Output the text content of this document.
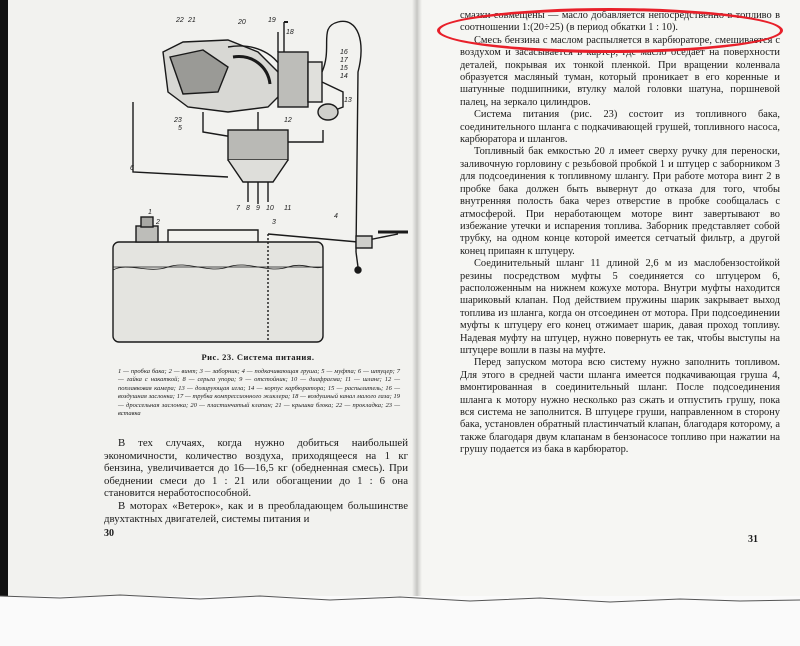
22 21	20	19
18
16
17
15
14
13
12
23
5
6
7 8 9 10 11
4
3
2
1
Рис. 23. Система питания.
1 — пробка бака; 2 — винт; 3 — заборник; 4 — подкачивающая груша; 5 — муфта; 6 — штуцер; 7 — гайка с накаткой; 8 — серьга упора; 9 — отстойник; 10 — диафрагма; 11 — шланг; 12 — поплавковая камера; 13 — дозирующая игла; 14 — корпус карбюратора; 15 — распылитель; 16 — воздушная заслонка; 17 — трубка компрессионного жиклера; 18 — воздушный канал малого газа; 19 — дроссельная заслонка; 20 — пластинчатый клапан; 21 — крышка блока; 22 — прокладка; 23 — вставка

В тех случаях, когда нужно добиться наибольшей экономичности, количество воздуха, приходящееся на 1 кг бензина, увеличивается до 16—16,5 кг (обедненная смесь). При обеднении смеси до 1 : 21 или обогащении до 1 : 6 она становится неработоспособной.

В моторах «Ветерок», как и в преобладающем большинстве двухтактных двигателей, системы питания и

30

смазки совмещены — масло добавляется непосредственно в топливо в соотношении 1:(20÷25) (в период обкатки 1 : 10).

Смесь бензина с маслом распыляется в карбюраторе, смешивается с воздухом и засасывается в картер, где масло оседает на поверхности деталей, покрывая их тонкой пленкой. При вращении коленвала образуется масляный туман, который проникает в его коренные и шатунные подшипники, втулку малой головки шатуна, поршневой палец, на зеркало цилиндров.

Система питания (рис. 23) состоит из топливного бака, соединительного шланга с подкачивающей грушей, топливного насоса, карбюратора и шлангов.

Топливный бак емкостью 20 л имеет сверху ручку для переноски, заливочную горловину с резьбовой пробкой 1 и штуцер с заборником 3 для подсоединения к топливному шлангу. При работе мотора винт 2 в пробке бака должен быть вывернут до отказа для того, чтобы внутренняя полость бака через отверстие в пробке сообщалась с атмосферой. При неработающем моторе винт завертывают во избежание утечки и испарения топлива. Заборник представляет собой трубку, на одном конце которой имеется сетчатый фильтр, а другой конец припаян к штуцеру.

Соединительный шланг 11 длиной 2,6 м из маслобензостойкой резины посредством муфты 5 соединяется со штуцером 6, расположенным на нижнем кожухе мотора. Внутри муфты находится шариковый клапан. Под действием пружины шарик закрывает выход топлива из шланга, когда он отсоединен от мотора. При подсоединении муфты к штуцеру его конец отжимает шарик, давая проход топливу. Надевая муфту на штуцер, нужно повернуть ее так, чтобы выступы на штуцере вошли в пазы на муфте.

Перед запуском мотора всю систему нужно заполнить топливом. Для этого в средней части шланга имеется подкачивающая груша 4, вмонтированная в соединительный шланг. После подсоединения шланга к мотору нужно несколько раз сжать и отпустить грушу, пока вся система не заполнится. В штуцере груши, направленном в сторону бака, установлен обратный пластинчатый клапан, благодаря которому, а также благодаря двум клапанам в бензонасосе топливо при нажатии на грушу подается из бака в карбюратор.

31
